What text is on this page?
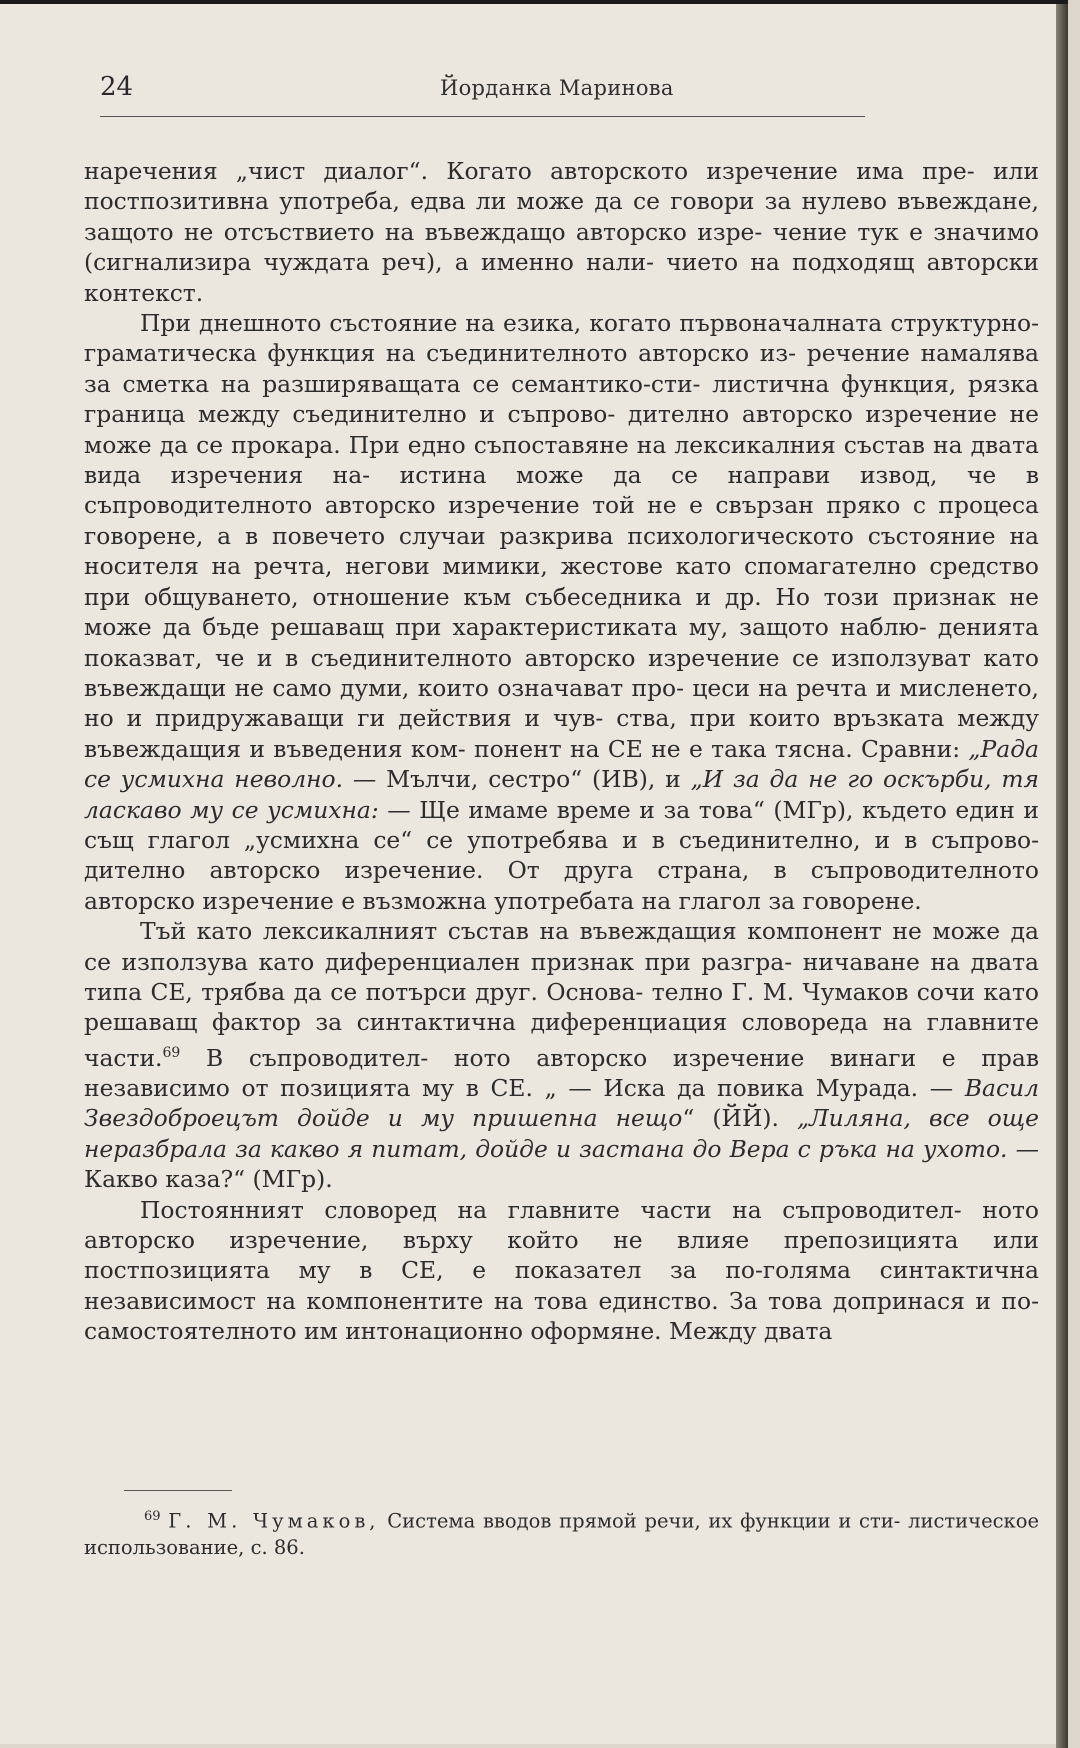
24	Йорданка Маринова

наречения „чист диалог“. Когато авторското изречение има пре- или постпозитивна употреба, едва ли може да се говори за нулево въвеждане, защото не отсъствието на въвеждащо авторско изре- чение тук е значимо (сигнализира чуждата реч), а именно нали- чието на подходящ авторски контекст.

При днешното състояние на езика, когато първоначалната структурно-граматическа функция на съединителното авторско из- речение намалява за сметка на разширяващата се семантико-сти- листична функция, рязка граница между съединително и съпрово- дително авторско изречение не може да се прокара. При едно съпоставяне на лексикалния състав на двата вида изречения на- истина може да се направи извод, че в съпроводителното авторско изречение той не е свързан пряко с процеса говорене, а в повечето случаи разкрива психологическото състояние на носителя на речта, негови мимики, жестове като спомагателно средство при общуването, отношение към събеседника и др. Но този признак не може да бъде решаващ при характеристиката му, защото наблю- денията показват, че и в съединителното авторско изречение се използуват като въвеждащи не само думи, които означават про- цеси на речта и мисленето, но и придружаващи ги действия и чув- ства, при които връзката между въвеждащия и въведения ком- понент на СЕ не е така тясна. Сравни: „Рада се усмихна неволно. — Мълчи, сестро“ (ИВ), и „И за да не го оскърби, тя ласкаво му се усмихна: — Ще имаме време и за това“ (МГр), където един и същ глагол „усмихна се“ се употребява и в съединително, и в съпрово- дително авторско изречение. От друга страна, в съпроводителното авторско изречение е възможна употребата на глагол за говорене.

Тъй като лексикалният състав на въвеждащия компонент не може да се използува като диференциален признак при разгра- ничаване на двата типа СЕ, трябва да се потърси друг. Основа- телно Г. М. Чумаков сочи като решаващ фактор за синтактична диференциация словореда на главните части.$^{69}$ В съпроводител- ното авторско изречение винаги е прав независимо от позицията му в СЕ. „ — Иска да повика Мурада. — Васил Звездоброецът дойде и му пришепна нещо“ (ЙЙ). „Лиляна, все още неразбрала за какво я питат, дойде и застана до Вера с ръка на ухото. — Какво каза?“ (МГр).

Постоянният словоред на главните части на съпроводител- ното авторско изречение, върху който не влияе препозицията или постпозицията му в СЕ, е показател за по-голяма синтактична независимост на компонентите на това единство. За това допринася и по-самостоятелното им интонационно оформяне. Между двата

$^{69}$ Г. М. Чумаков, Система вводов прямой речи, их функции и сти- листическое использование, с. 86.
